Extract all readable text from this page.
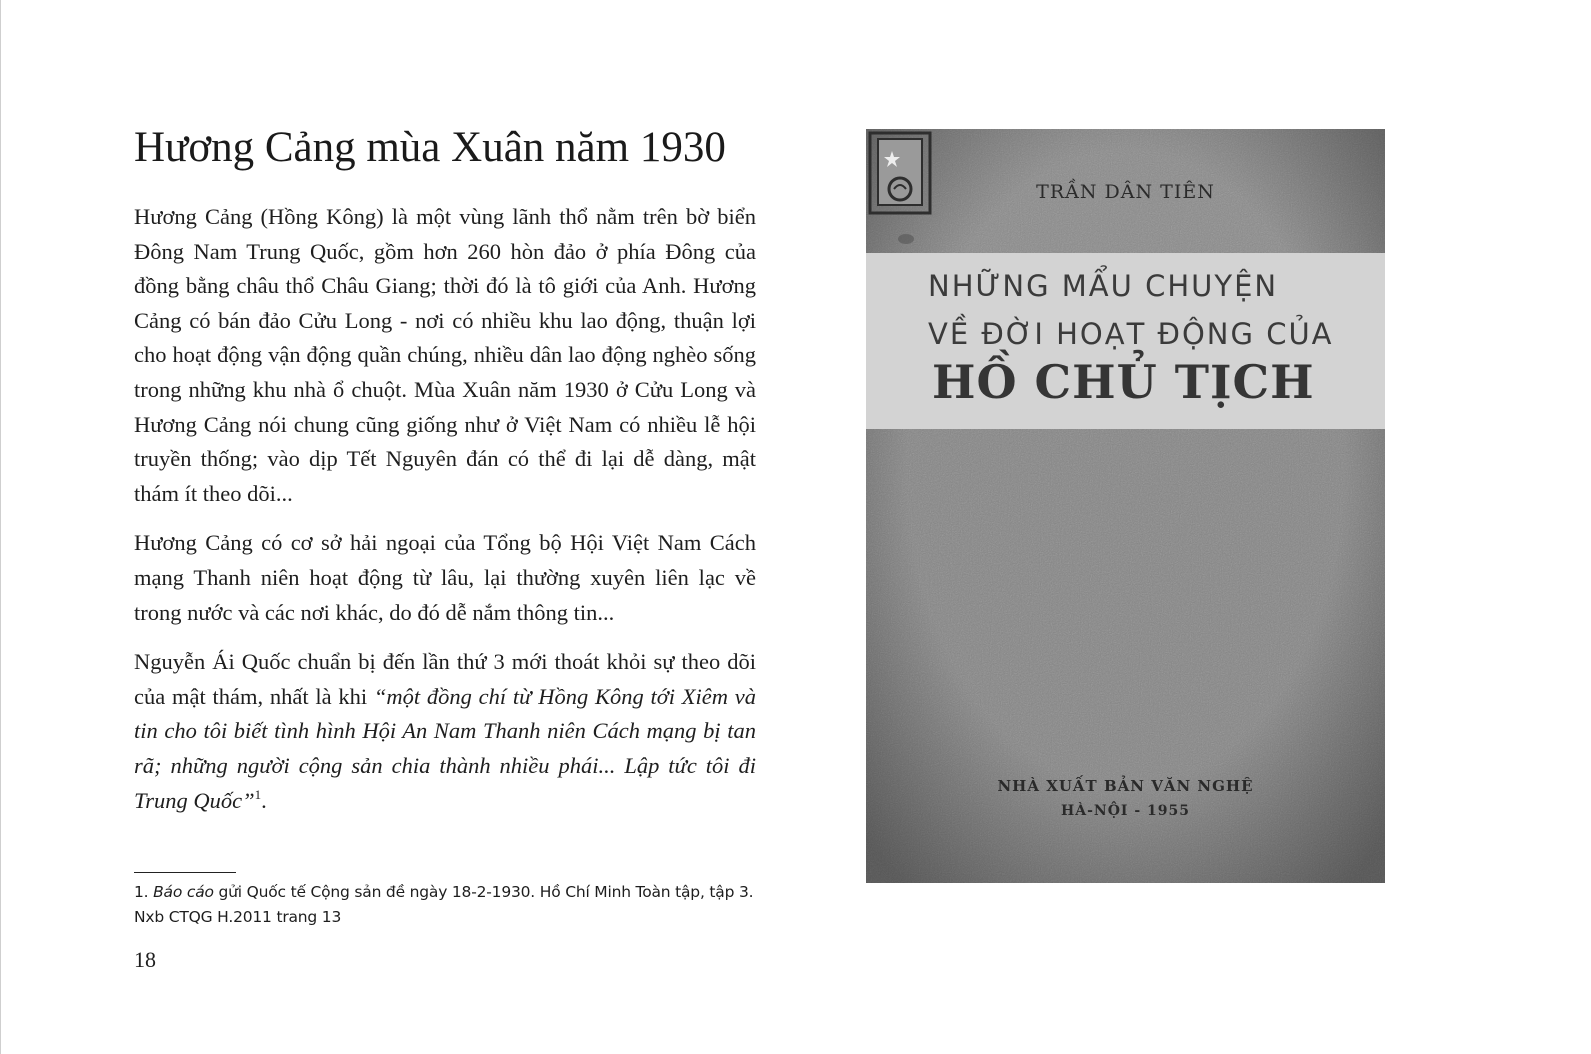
Hương Cảng mùa Xuân năm 1930

Hương Cảng (Hồng Kông) là một vùng lãnh thổ nằm trên bờ biển Đông Nam Trung Quốc, gồm hơn 260 hòn đảo ở phía Đông của đồng bằng châu thổ Châu Giang; thời đó là tô giới của Anh. Hương Cảng có bán đảo Cửu Long - nơi có nhiều khu lao động, thuận lợi cho hoạt động vận động quần chúng, nhiều dân lao động nghèo sống trong những khu nhà ổ chuột. Mùa Xuân năm 1930 ở Cửu Long và Hương Cảng nói chung cũng giống như ở Việt Nam có nhiều lễ hội truyền thống; vào dịp Tết Nguyên đán có thể đi lại dễ dàng, mật thám ít theo dõi...

Hương Cảng có cơ sở hải ngoại của Tổng bộ Hội Việt Nam Cách mạng Thanh niên hoạt động từ lâu, lại thường xuyên liên lạc về trong nước và các nơi khác, do đó dễ nắm thông tin...

Nguyễn Ái Quốc chuẩn bị đến lần thứ 3 mới thoát khỏi sự theo dõi của mật thám, nhất là khi “một đồng chí từ Hồng Kông tới Xiêm và tin cho tôi biết tình hình Hội An Nam Thanh niên Cách mạng bị tan rã; những người cộng sản chia thành nhiều phái... Lập tức tôi đi Trung Quốc”$^1$.

1. Báo cáo gửi Quốc tế Cộng sản đề ngày 18-2-1930. Hồ Chí Minh Toàn tập, tập 3. Nxb CTQG H.2011 trang 13
18
TRẦN DÂN TIÊN
NHỮNG MẨU CHUYỆN
VỀ ĐỜI HOẠT ĐỘNG CỦA
HỒ CHỦ TỊCH
NHÀ XUẤT BẢN VĂN NGHỆ
HÀ-NỘI - 1955
